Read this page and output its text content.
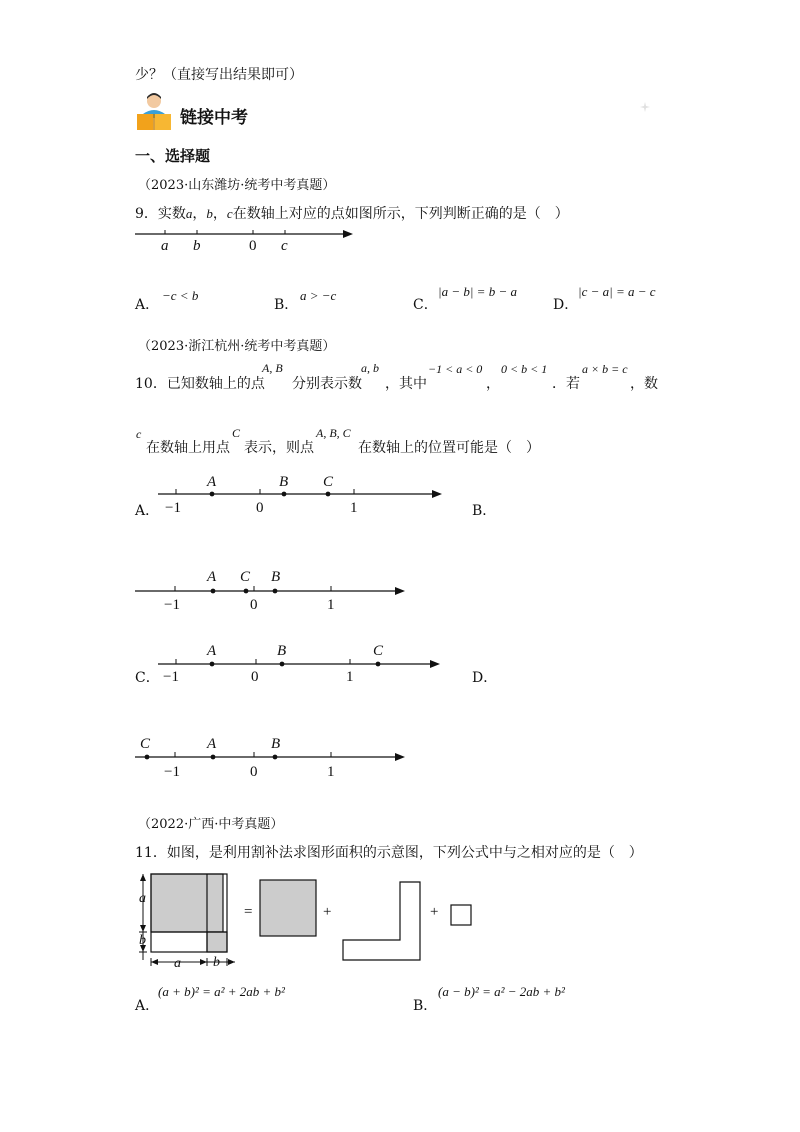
少？（直接写出结果即可）
链接中考
一、选择题
（2023·山东潍坊·统考中考真题）
9．实数a，b，c在数轴上对应的点如图所示，下列判断正确的是（　）
a b	0 c
A．
−c < b
B．
a > −c
C．
|a − b| = b − a
D．
|c − a| = a − c
（2023·浙江杭州·统考中考真题）
10．已知数轴上的点
A, B
分别表示数
a, b
，其中
−1 < a < 0
，
0 < b < 1
．若
a × b = c
，数
c
在数轴上用点
C
表示，则点
A, B, C
在数轴上的位置可能是（　）
A．
A	B C
−1	0	1	B．
A C B
−1	0	1
C．
A	B	C
−1	0	1	D．
C	A	B
−1	0	1
（2022·广西·中考真题）
11．如图，是利用割补法求图形面积的示意图，下列公式中与之相对应的是（　）
a
b
a b
=	+	+
A．
(a + b)² = a² + 2ab + b²
B．
(a − b)² = a² − 2ab + b²
